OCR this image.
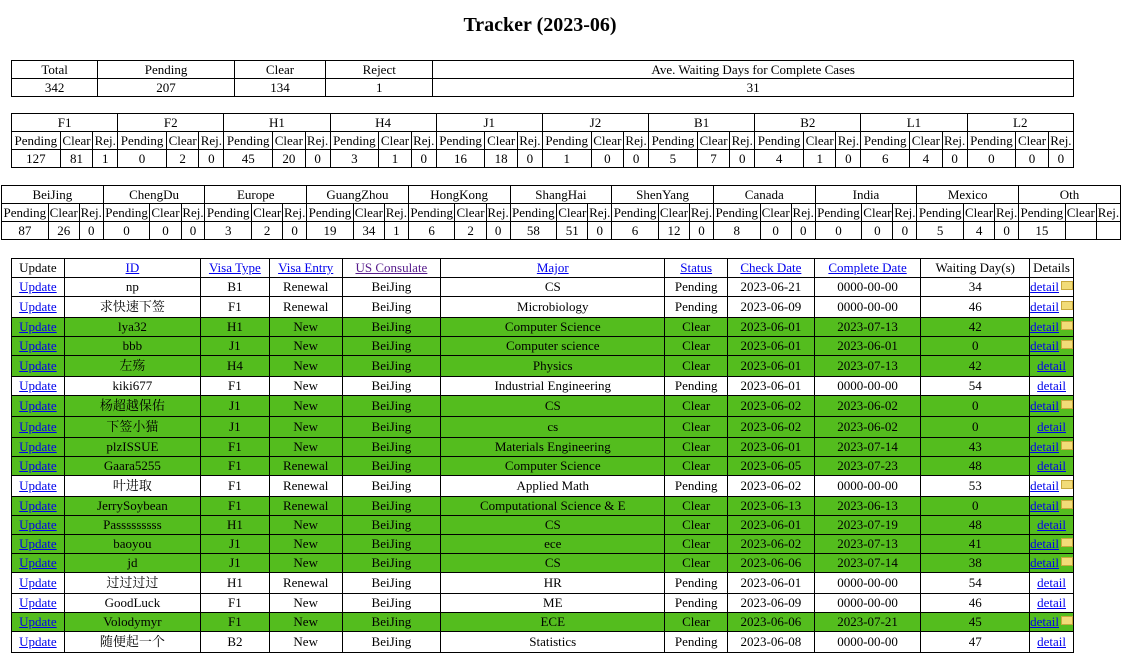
Tracker (2023-06)
Total	Pending	Clear	Reject	Ave. Waiting Days for Complete Cases
342	207	134	1	31
F1			F2			H1			H4			J1			J2			B1			B2			L1			L2		
Pending	Clear	Rej.	Pending	Clear	Rej.	Pending	Clear	Rej.	Pending	Clear	Rej.	Pending	Clear	Rej.	Pending	Clear	Rej.	Pending	Clear	Rej.	Pending	Clear	Rej.	Pending	Clear	Rej.	Pending	Clear	Rej.
127	81	1	0	2	0	45	20	0	3	1	0	16	18	0	1	0	0	5	7	0	4	1	0	6	4	0	0	0	0
BeiJing			ChengDu			Europe			GuangZhou			HongKong			ShangHai			ShenYang			Canada			India			Mexico			Oth		
Pending	Clear	Rej.	Pending	Clear	Rej.	Pending	Clear	Rej.	Pending	Clear	Rej.	Pending	Clear	Rej.	Pending	Clear	Rej.	Pending	Clear	Rej.	Pending	Clear	Rej.	Pending	Clear	Rej.	Pending	Clear	Rej.	Pending	Clear	Rej.
87	26	0	0	0	0	3	2	0	19	34	1	6	2	0	58	51	0	6	12	0	8	0	0	0	0	0	5	4	0	15		
Update	ID	Visa Type	Visa Entry	US Consulate	Major	Status	Check Date	Complete Date	Waiting Day(s)	Details
Update	np	B1	Renewal	BeiJing	CS	Pending	2023-06-21	0000-00-00	34	detail
Update	求快速下签	F1	Renewal	BeiJing	Microbiology	Pending	2023-06-09	0000-00-00	46	detail
Update	lya32	H1	New	BeiJing	Computer Science	Clear	2023-06-01	2023-07-13	42	detail
Update	bbb	J1	New	BeiJing	Computer science	Clear	2023-06-01	2023-06-01	0	detail
Update	左殇	H4	New	BeiJing	Physics	Clear	2023-06-01	2023-07-13	42	detail
Update	kiki677	F1	New	BeiJing	Industrial Engineering	Pending	2023-06-01	0000-00-00	54	detail
Update	杨超越保佑	J1	New	BeiJing	CS	Clear	2023-06-02	2023-06-02	0	detail
Update	下签小猫	J1	New	BeiJing	cs	Clear	2023-06-02	2023-06-02	0	detail
Update	plzISSUE	F1	New	BeiJing	Materials Engineering	Clear	2023-06-01	2023-07-14	43	detail
Update	Gaara5255	F1	Renewal	BeiJing	Computer Science	Clear	2023-06-05	2023-07-23	48	detail
Update	叶进取	F1	Renewal	BeiJing	Applied Math	Pending	2023-06-02	0000-00-00	53	detail
Update	JerrySoybean	F1	Renewal	BeiJing	Computational Science & E	Clear	2023-06-13	2023-06-13	0	detail
Update	Passsssssss	H1	New	BeiJing	CS	Clear	2023-06-01	2023-07-19	48	detail
Update	baoyou	J1	New	BeiJing	ece	Clear	2023-06-02	2023-07-13	41	detail
Update	jd	J1	New	BeiJing	CS	Clear	2023-06-06	2023-07-14	38	detail
Update	过过过过	H1	Renewal	BeiJing	HR	Pending	2023-06-01	0000-00-00	54	detail
Update	GoodLuck	F1	New	BeiJing	ME	Pending	2023-06-09	0000-00-00	46	detail
Update	Volodymyr	F1	New	BeiJing	ECE	Clear	2023-06-06	2023-07-21	45	detail
Update	随便起一个	B2	New	BeiJing	Statistics	Pending	2023-06-08	0000-00-00	47	detail
